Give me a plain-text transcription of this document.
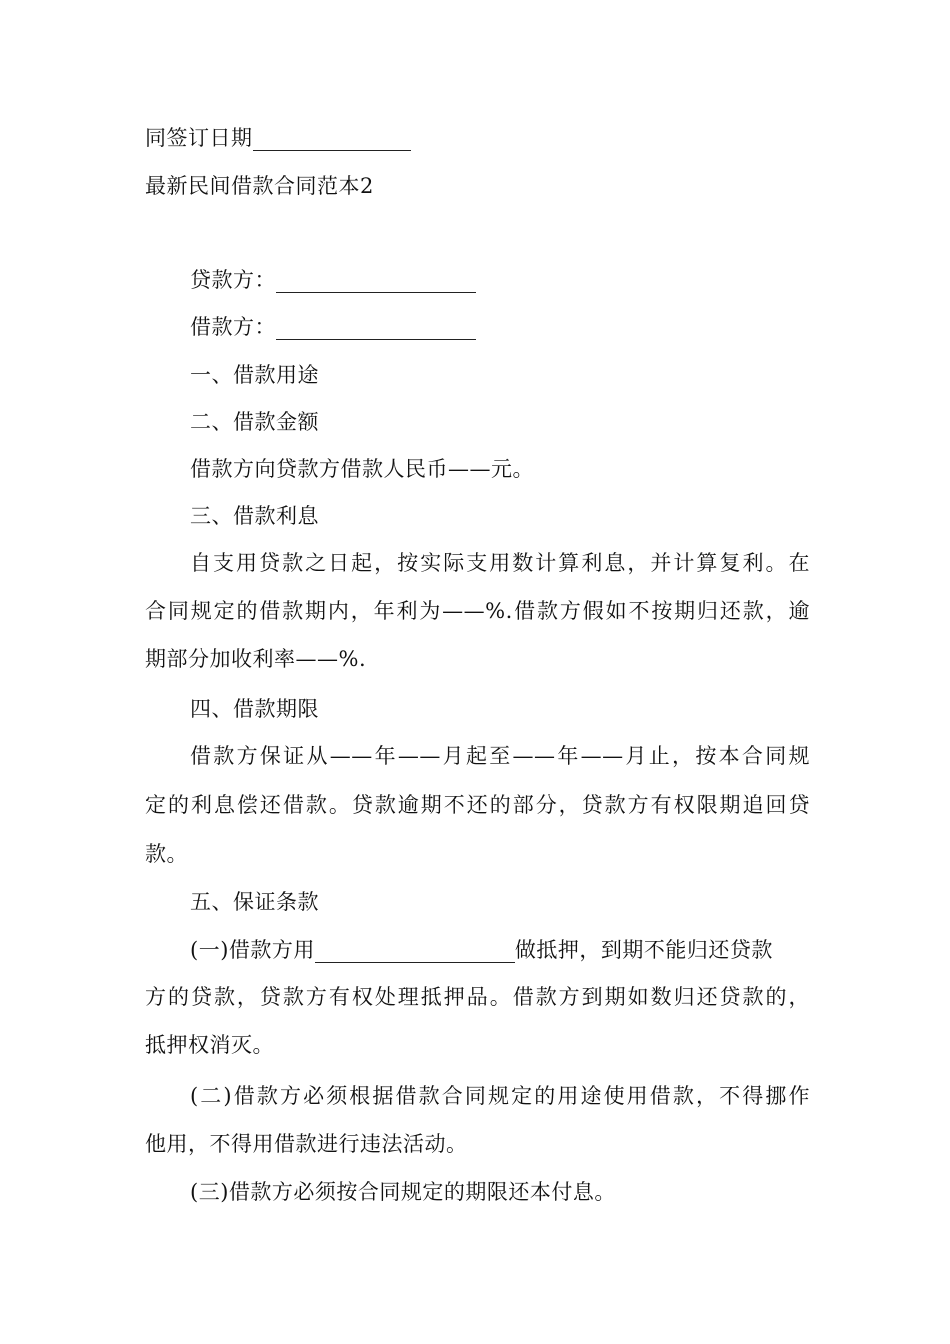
同签订日期
最新民间借款合同范本2
贷款方：
借款方：
一、借款用途
二、借款金额
借款方向贷款方借款人民币——元。
三、借款利息
自支用贷款之日起，按实际支用数计算利息，并计算复利。在
合同规定的借款期内，年利为——%.借款方假如不按期归还款，逾
期部分加收利率——%.
四、借款期限
借款方保证从——年——月起至——年——月止，按本合同规
定的利息偿还借款。贷款逾期不还的部分，贷款方有权限期追回贷
款。
五、保证条款
(一)借款方用	做抵押，到期不能归还贷款
方的贷款，贷款方有权处理抵押品。借款方到期如数归还贷款的，
抵押权消灭。
(二)借款方必须根据借款合同规定的用途使用借款，不得挪作
他用，不得用借款进行违法活动。
(三)借款方必须按合同规定的期限还本付息。
